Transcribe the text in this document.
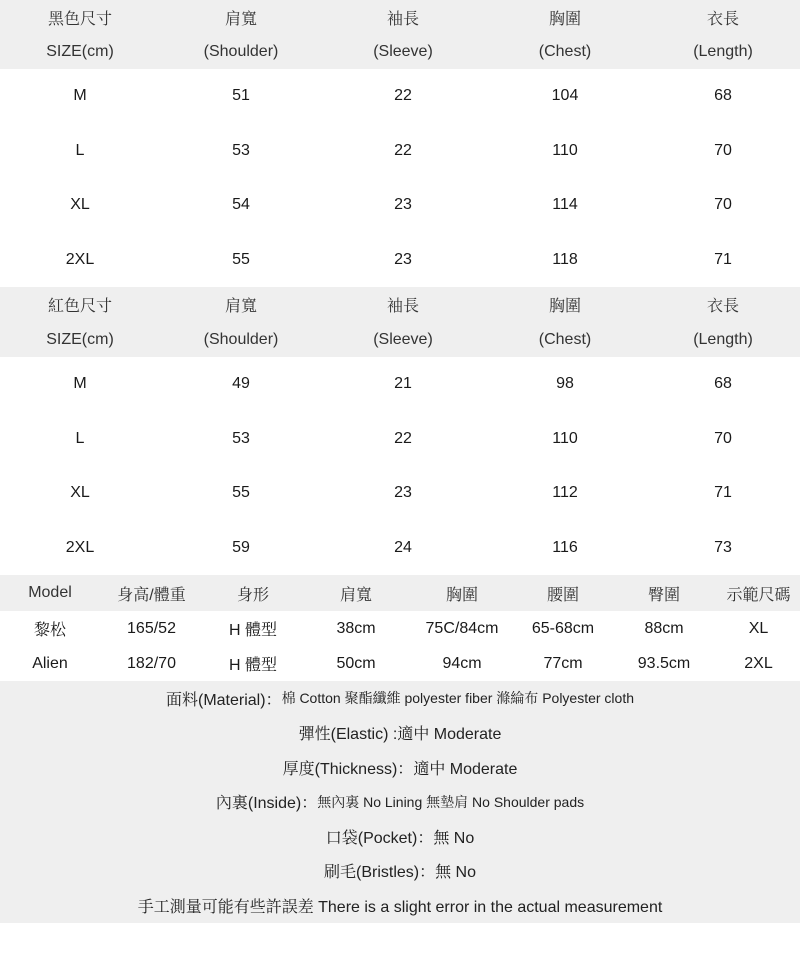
黑色尺寸	肩寬	袖長	胸圍	衣長
SIZE(cm)	(Shoulder)	(Sleeve)	(Chest)	(Length)
M	51	22	104	68
L	53	22	110	70
XL	54	23	114	70
2XL	55	23	118	71
紅色尺寸	肩寬	袖長	胸圍	衣長
SIZE(cm)	(Shoulder)	(Sleeve)	(Chest)	(Length)
M	49	21	98	68
L	53	22	110	70
XL	55	23	112	71
2XL	59	24	116	73
Model	身高/體重	身形	肩寬	胸圍	腰圍	臀圍	示範尺碼
黎松	165/52	H 體型	38cm	75C/84cm	65-68cm	88cm	XL
Alien	182/70	H 體型	50cm	94cm	77cm	93.5cm	2XL
面料(Material)： 棉 Cotton 聚酯纖維 polyester fiber 滌綸布 Polyester cloth
彈性(Elastic) : 適中 Moderate
厚度(Thickness)： 適中 Moderate
內裏(Inside)： 無內裏 No Lining 無墊肩 No Shoulder pads
口袋(Pocket)： 無 No
刷毛(Bristles)： 無 No
手工測量可能有些許誤差 There is a slight error in the actual measurement
